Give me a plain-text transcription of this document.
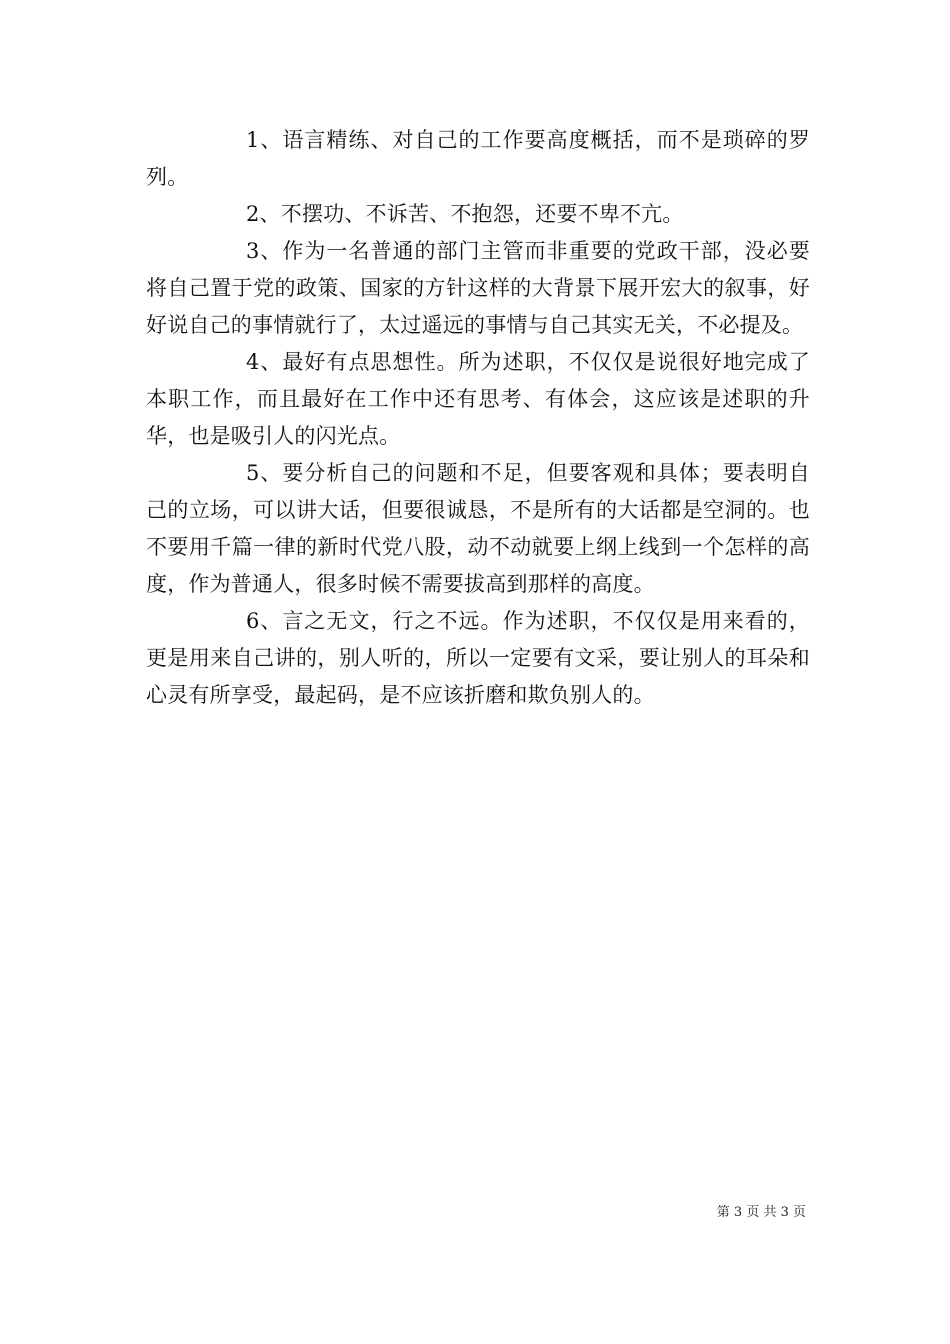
1、语言精练、对自己的工作要高度概括，而不是琐碎的罗列。

2、不摆功、不诉苦、不抱怨，还要不卑不亢。

3、作为一名普通的部门主管而非重要的党政干部，没必要将自己置于党的政策、国家的方针这样的大背景下展开宏大的叙事，好好说自己的事情就行了，太过遥远的事情与自己其实无关，不必提及。

4、最好有点思想性。所为述职，不仅仅是说很好地完成了本职工作，而且最好在工作中还有思考、有体会，这应该是述职的升华，也是吸引人的闪光点。

5、要分析自己的问题和不足，但要客观和具体；要表明自己的立场，可以讲大话，但要很诚恳，不是所有的大话都是空洞的。也不要用千篇一律的新时代党八股，动不动就要上纲上线到一个怎样的高度，作为普通人，很多时候不需要拔高到那样的高度。

6、言之无文，行之不远。作为述职，不仅仅是用来看的，更是用来自己讲的，别人听的，所以一定要有文采，要让别人的耳朵和心灵有所享受，最起码，是不应该折磨和欺负别人的。

第 3 页 共 3 页
